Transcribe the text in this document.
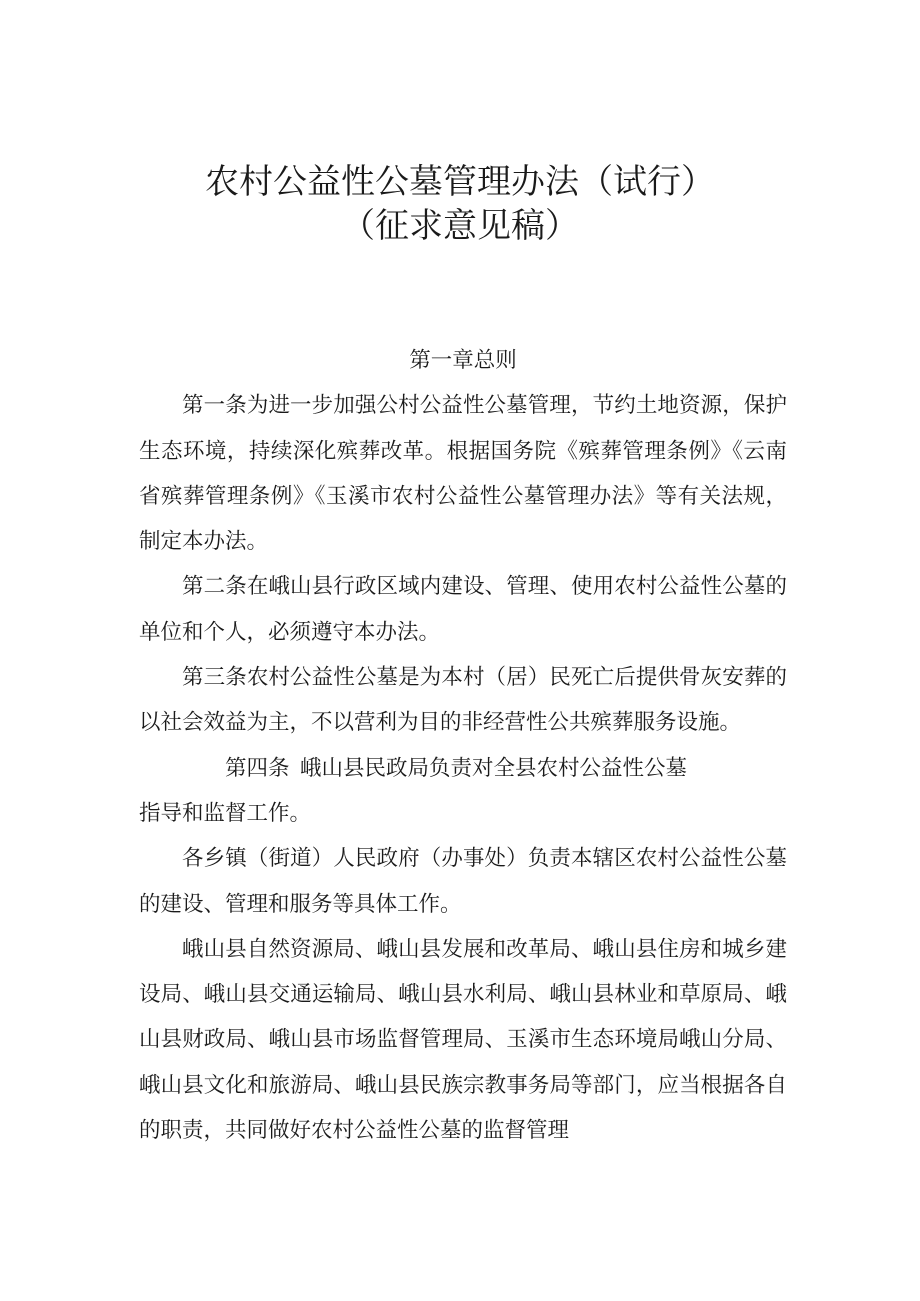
农村公益性公墓管理办法（试行）
（征求意见稿）

第一章总则

第一条为进一步加强公村公益性公墓管理，节约土地资源，保护生态环境，持续深化殡葬改革。根据国务院《殡葬管理条例》《云南省殡葬管理条例》《玉溪市农村公益性公墓管理办法》等有关法规，制定本办法。

第二条在峨山县行政区域内建设、管理、使用农村公益性公墓的单位和个人，必须遵守本办法。

第三条农村公益性公墓是为本村（居）民死亡后提供骨灰安葬的以社会效益为主，不以营利为目的非经营性公共殡葬服务设施。

第四条 峨山县民政局负责对全县农村公益性公墓

指导和监督工作。

各乡镇（街道）人民政府（办事处）负责本辖区农村公益性公墓的建设、管理和服务等具体工作。

峨山县自然资源局、峨山县发展和改革局、峨山县住房和城乡建设局、峨山县交通运输局、峨山县水利局、峨山县林业和草原局、峨山县财政局、峨山县市场监督管理局、玉溪市生态环境局峨山分局、峨山县文化和旅游局、峨山县民族宗教事务局等部门，应当根据各自的职责，共同做好农村公益性公墓的监督管理
